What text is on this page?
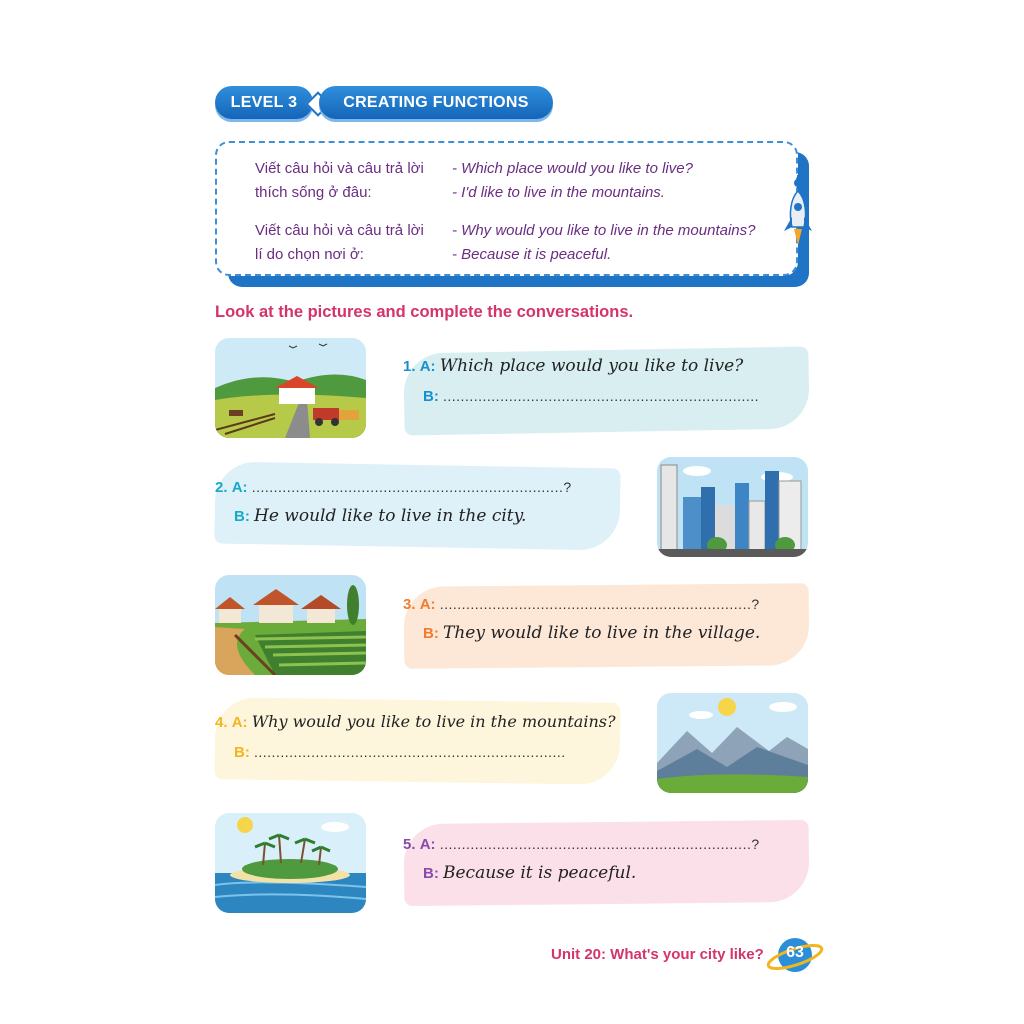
LEVEL 3	CREATING FUNCTIONS
Viết câu hỏi và câu trả lời
thích sống ở đâu:
- Which place would you like to live?
- I'd like to live in the mountains.
Viết câu hỏi và câu trả lời
lí do chọn nơi ở:
- Why would you like to live in the mountains?
- Because it is peaceful.
Look at the pictures and complete the conversations.
1. A: Which place would you like to live?
B: ........................................................................
2. A: .......................................................................?
B: He would like to live in the city.
3. A: .......................................................................?
B: They would like to live in the village.
4. A: Why would you like to live in the mountains?
B: .......................................................................
5. A: .......................................................................?
B: Because it is peaceful.
Unit 20: What's your city like?	63
